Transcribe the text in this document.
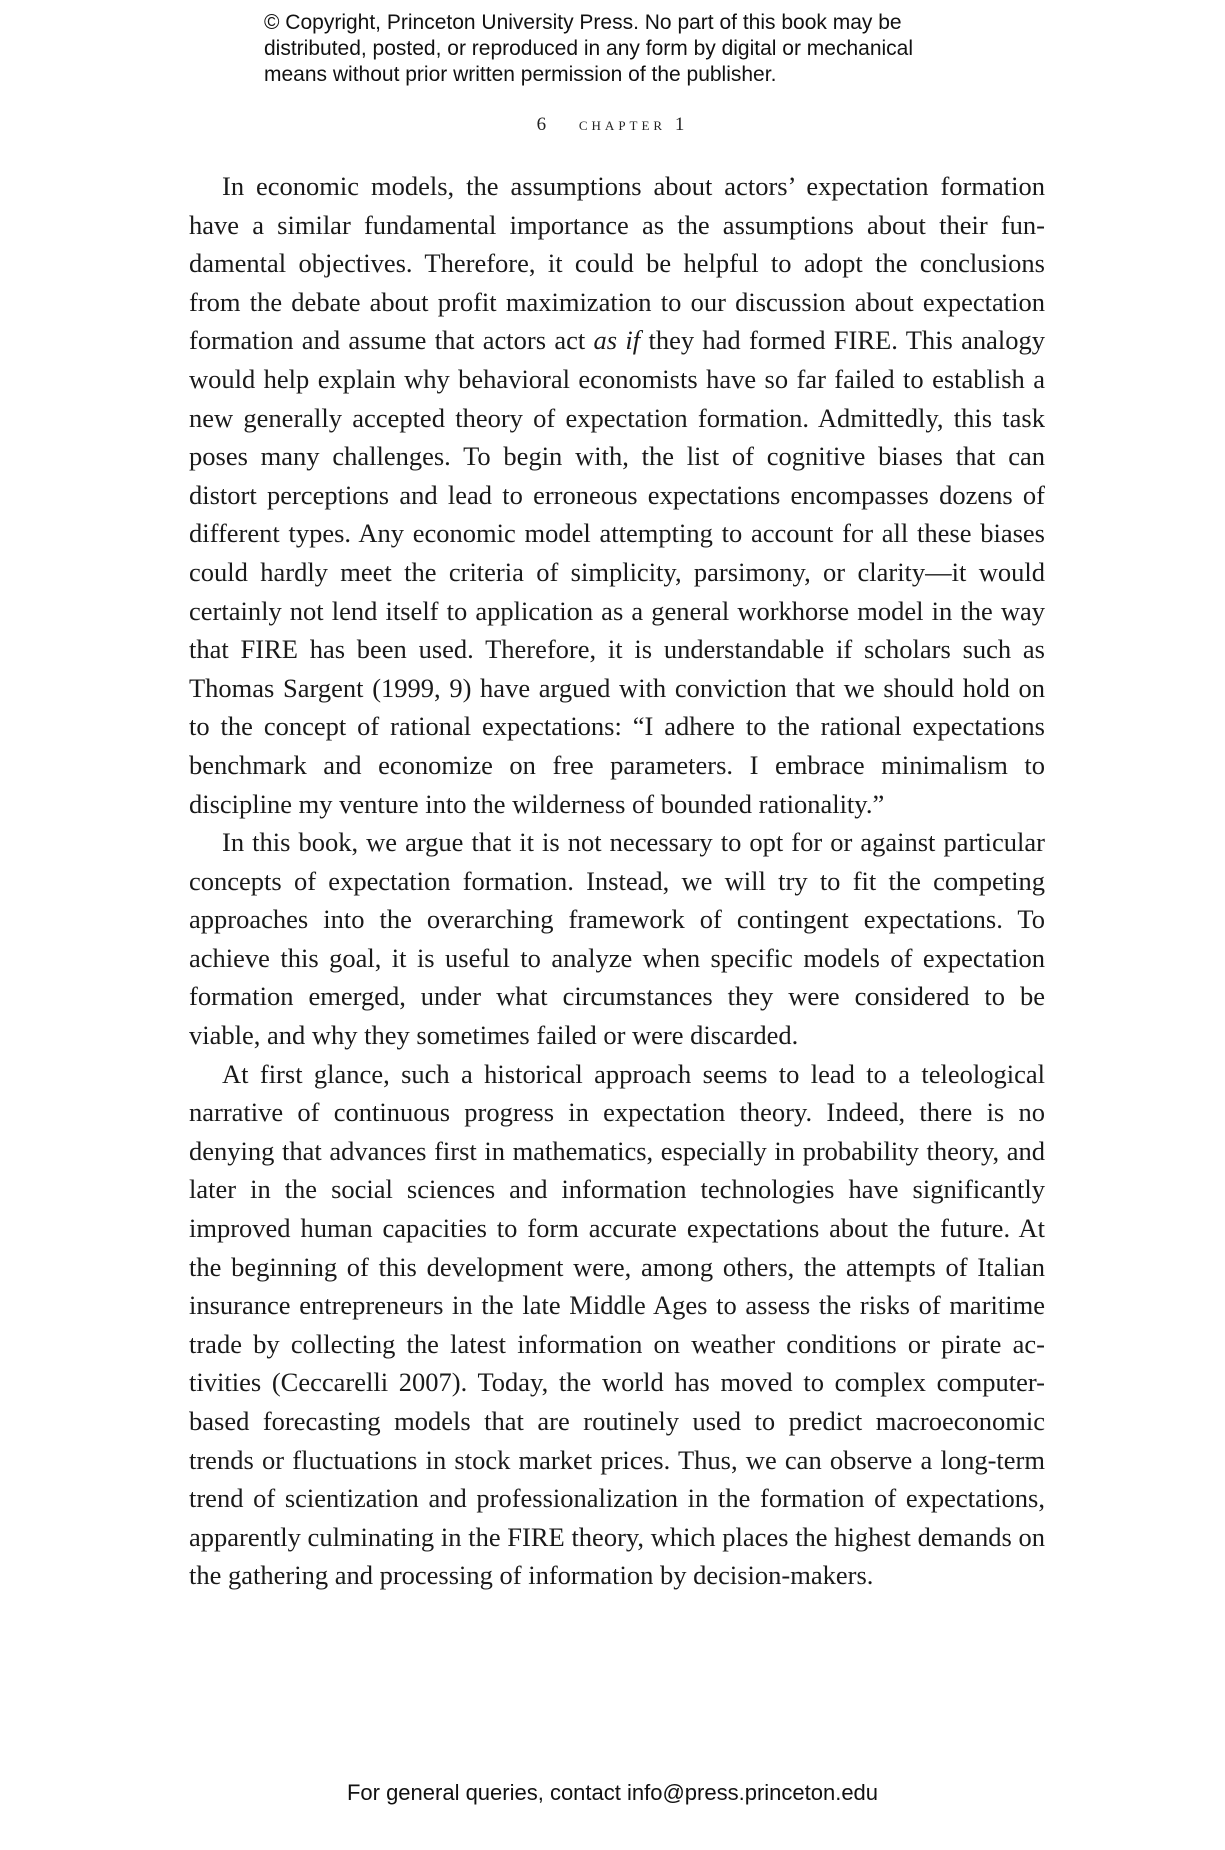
© Copyright, Princeton University Press. No part of this book may be

distributed, posted, or reproduced in any form by digital or mechanical

means without prior written permission of the publisher.

6 chapter 1

In economic models, the assumptions about actors’ expectation formation have a similar fundamental importance as the assumptions about their fundamental objectives. Therefore, it could be helpful to adopt the conclusions from the debate about profit maximization to our discussion about expectation formation and assume that actors act as if they had formed FIRE. This analogy would help explain why behavioral economists have so far failed to establish a new generally accepted theory of expectation formation. Admittedly, this task poses many challenges. To begin with, the list of cognitive biases that can distort perceptions and lead to erroneous expectations encompasses dozens of different types. Any economic model attempting to account for all these biases could hardly meet the criteria of simplicity, parsimony, or clarity—it would certainly not lend itself to application as a general workhorse model in the way that FIRE has been used. Therefore, it is understandable if scholars such as Thomas Sargent (1999, 9) have argued with conviction that we should hold on to the concept of rational expectations: “I adhere to the rational expectations benchmark and economize on free parameters. I embrace minimalism to discipline my venture into the wilderness of bounded rationality.”

In this book, we argue that it is not necessary to opt for or against particular concepts of expectation formation. Instead, we will try to fit the competing approaches into the overarching framework of contingent expectations. To achieve this goal, it is useful to analyze when specific models of expectation formation emerged, under what circumstances they were considered to be viable, and why they sometimes failed or were discarded.

At first glance, such a historical approach seems to lead to a teleological narrative of continuous progress in expectation theory. Indeed, there is no denying that advances first in mathematics, especially in probability theory, and later in the social sciences and information technologies have significantly improved human capacities to form accurate expectations about the future. At the beginning of this development were, among others, the attempts of Italian insurance entrepreneurs in the late Middle Ages to assess the risks of maritime trade by collecting the latest information on weather conditions or pirate activities (Ceccarelli 2007). Today, the world has moved to complex computer-based forecasting models that are routinely used to predict macroeconomic trends or fluctuations in stock market prices. Thus, we can observe a long-term trend of scientization and professionalization in the formation of expectations, apparently culminating in the FIRE theory, which places the highest demands on the gathering and processing of information by decision-makers.

For general queries, contact info@press.princeton.edu
